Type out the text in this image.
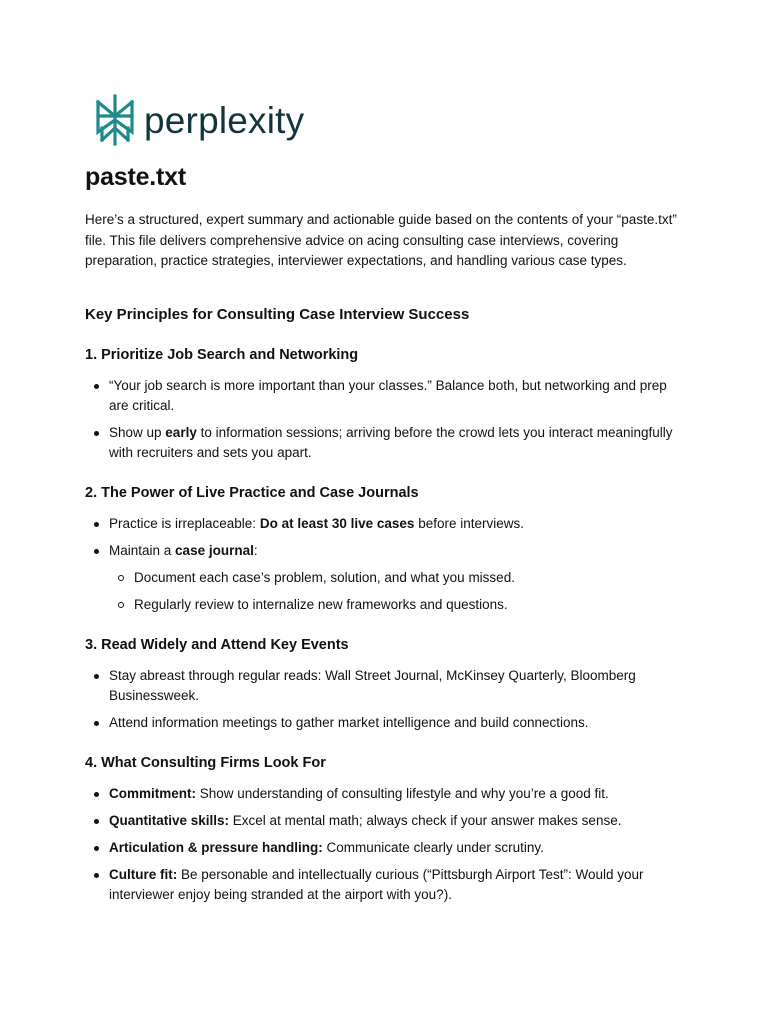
perplexity
paste.txt

Here’s a structured, expert summary and actionable guide based on the contents of your “paste.txt” file. This file delivers comprehensive advice on acing consulting case interviews, covering preparation, practice strategies, interviewer expectations, and handling various case types.

Key Principles for Consulting Case Interview Success
1. Prioritize Job Search and Networking
“Your job search is more important than your classes.” Balance both, but networking and prep are critical.
Show up early to information sessions; arriving before the crowd lets you interact meaningfully with recruiters and sets you apart.
2. The Power of Live Practice and Case Journals
Practice is irreplaceable: Do at least 30 live cases before interviews.
Maintain a case journal:
Document each case’s problem, solution, and what you missed.
Regularly review to internalize new frameworks and questions.
3. Read Widely and Attend Key Events
Stay abreast through regular reads: Wall Street Journal, McKinsey Quarterly, Bloomberg Businessweek.
Attend information meetings to gather market intelligence and build connections.
4. What Consulting Firms Look For
Commitment: Show understanding of consulting lifestyle and why you’re a good fit.
Quantitative skills: Excel at mental math; always check if your answer makes sense.
Articulation & pressure handling: Communicate clearly under scrutiny.
Culture fit: Be personable and intellectually curious (“Pittsburgh Airport Test”: Would your interviewer enjoy being stranded at the airport with you?).
